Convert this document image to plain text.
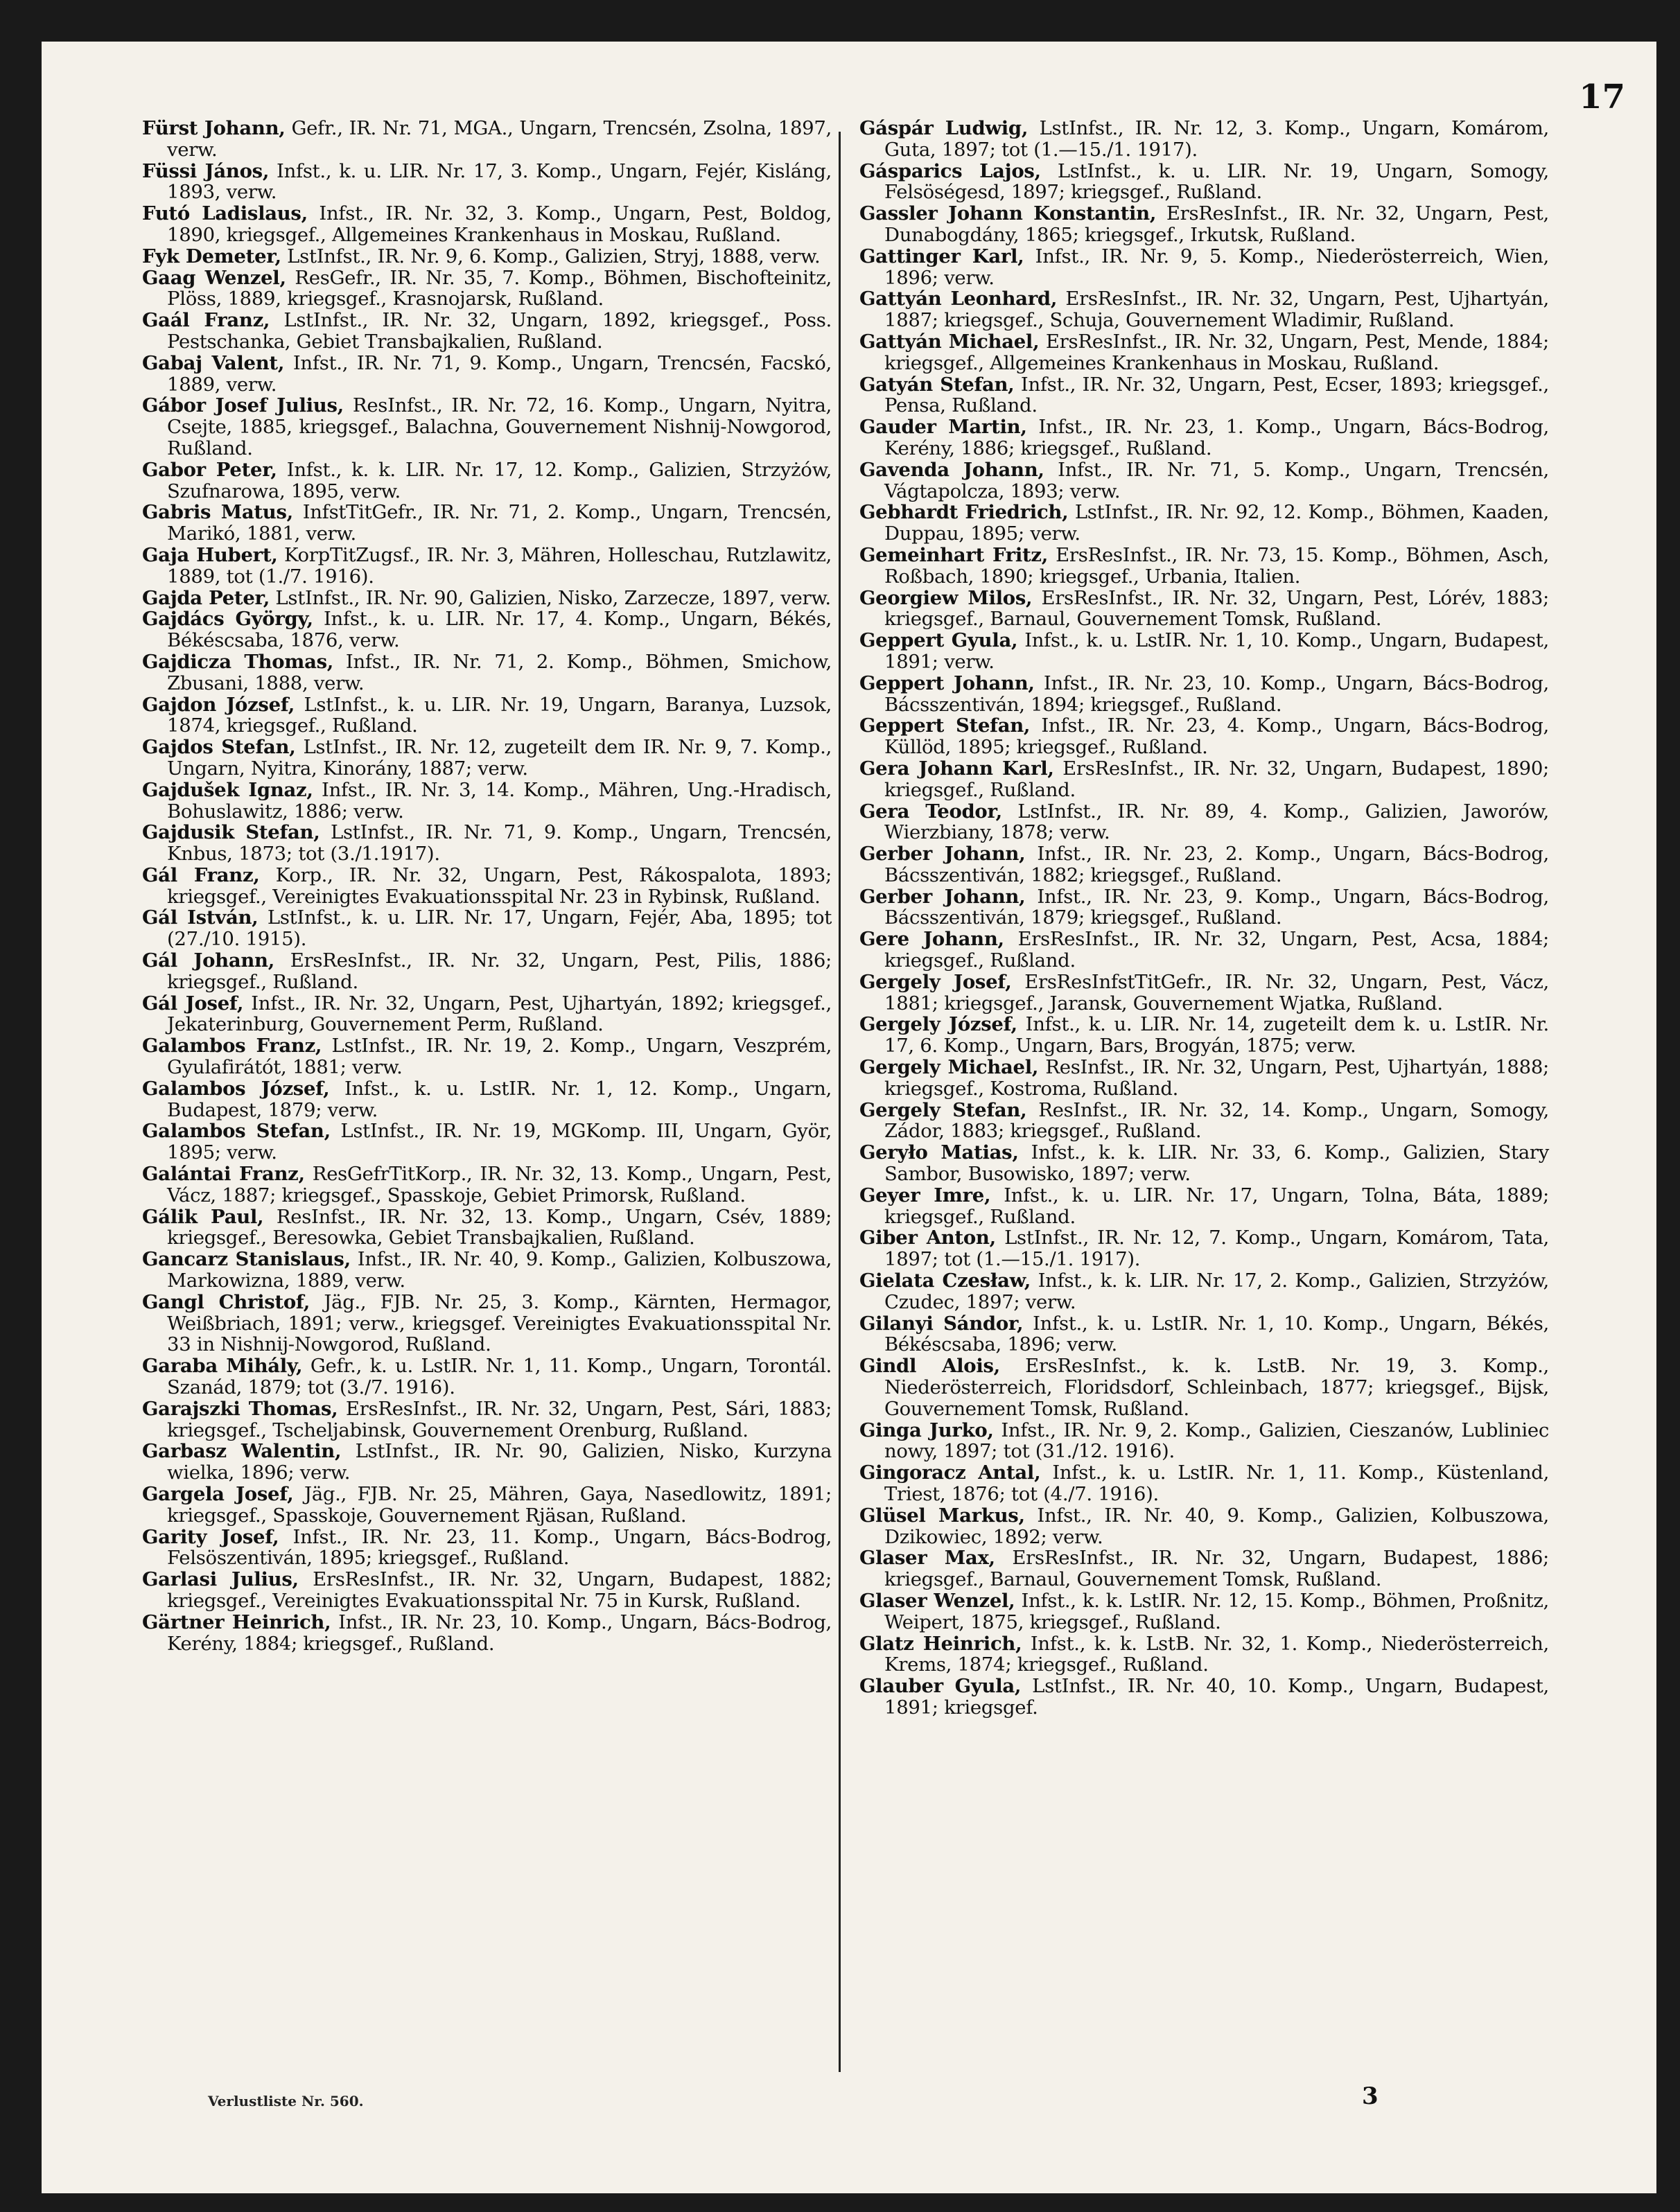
17

Fürst Johann, Gefr., IR. Nr. 71, MGA., Ungarn, Trencsén, Zsolna, 1897, verw.

Füssi János, Infst., k. u. LIR. Nr. 17, 3. Komp., Ungarn, Fejér, Kisláng, 1893, verw.

Futó Ladislaus, Infst., IR. Nr. 32, 3. Komp., Ungarn, Pest, Boldog, 1890, kriegsgef., Allgemeines Krankenhaus in Moskau, Rußland.

Fyk Demeter, LstInfst., IR. Nr. 9, 6. Komp., Galizien, Stryj, 1888, verw.

Gaag Wenzel, ResGefr., IR. Nr. 35, 7. Komp., Böhmen, Bischofteinitz, Plöss, 1889, kriegsgef., Krasnojarsk, Rußland.

Gaál Franz, LstInfst., IR. Nr. 32, Ungarn, 1892, kriegsgef., Poss. Pestschanka, Gebiet Transbajkalien, Rußland.

Gabaj Valent, Infst., IR. Nr. 71, 9. Komp., Ungarn, Trencsén, Facskó, 1889, verw.

Gábor Josef Julius, ResInfst., IR. Nr. 72, 16. Komp., Ungarn, Nyitra, Csejte, 1885, kriegsgef., Balachna, Gouvernement Nishnij-Nowgorod, Rußland.

Gabor Peter, Infst., k. k. LIR. Nr. 17, 12. Komp., Galizien, Strzyżów, Szufnarowa, 1895, verw.

Gabris Matus, InfstTitGefr., IR. Nr. 71, 2. Komp., Ungarn, Trencsén, Marikó, 1881, verw.

Gaja Hubert, KorpTitZugsf., IR. Nr. 3, Mähren, Holleschau, Rutzlawitz, 1889, tot (1./7. 1916).

Gajda Peter, LstInfst., IR. Nr. 90, Galizien, Nisko, Zarzecze, 1897, verw.

Gajdács György, Infst., k. u. LIR. Nr. 17, 4. Komp., Ungarn, Békés, Békéscsaba, 1876, verw.

Gajdicza Thomas, Infst., IR. Nr. 71, 2. Komp., Böhmen, Smichow, Zbusani, 1888, verw.

Gajdon József, LstInfst., k. u. LIR. Nr. 19, Ungarn, Baranya, Luzsok, 1874, kriegsgef., Rußland.

Gajdos Stefan, LstInfst., IR. Nr. 12, zugeteilt dem IR. Nr. 9, 7. Komp., Ungarn, Nyitra, Kinorány, 1887; verw.

Gajdušek Ignaz, Infst., IR. Nr. 3, 14. Komp., Mähren, Ung.-Hradisch, Bohuslawitz, 1886; verw.

Gajdusik Stefan, LstInfst., IR. Nr. 71, 9. Komp., Ungarn, Trencsén, Knbus, 1873; tot (3./1.1917).

Gál Franz, Korp., IR. Nr. 32, Ungarn, Pest, Rákospalota, 1893; kriegsgef., Vereinigtes Evakuationsspital Nr. 23 in Rybinsk, Rußland.

Gál István, LstInfst., k. u. LIR. Nr. 17, Ungarn, Fejér, Aba, 1895; tot (27./10. 1915).

Gál Johann, ErsResInfst., IR. Nr. 32, Ungarn, Pest, Pilis, 1886; kriegsgef., Rußland.

Gál Josef, Infst., IR. Nr. 32, Ungarn, Pest, Ujhartyán, 1892; kriegsgef., Jekaterinburg, Gouvernement Perm, Rußland.

Galambos Franz, LstInfst., IR. Nr. 19, 2. Komp., Ungarn, Veszprém, Gyulafirátót, 1881; verw.

Galambos József, Infst., k. u. LstIR. Nr. 1, 12. Komp., Ungarn, Budapest, 1879; verw.

Galambos Stefan, LstInfst., IR. Nr. 19, MGKomp. III, Ungarn, Györ, 1895; verw.

Galántai Franz, ResGefrTitKorp., IR. Nr. 32, 13. Komp., Ungarn, Pest, Vácz, 1887; kriegsgef., Spasskoje, Gebiet Primorsk, Rußland.

Gálik Paul, ResInfst., IR. Nr. 32, 13. Komp., Ungarn, Csév, 1889; kriegsgef., Beresowka, Gebiet Transbajkalien, Rußland.

Gancarz Stanislaus, Infst., IR. Nr. 40, 9. Komp., Galizien, Kolbuszowa, Markowizna, 1889, verw.

Gangl Christof, Jäg., FJB. Nr. 25, 3. Komp., Kärnten, Hermagor, Weißbriach, 1891; verw., kriegsgef. Vereinigtes Evakuationsspital Nr. 33 in Nishnij-Nowgorod, Rußland.

Garaba Mihály, Gefr., k. u. LstIR. Nr. 1, 11. Komp., Ungarn, Torontál. Szanád, 1879; tot (3./7. 1916).

Garajszki Thomas, ErsResInfst., IR. Nr. 32, Ungarn, Pest, Sári, 1883; kriegsgef., Tscheljabinsk, Gouvernement Orenburg, Rußland.

Garbasz Walentin, LstInfst., IR. Nr. 90, Galizien, Nisko, Kurzyna wielka, 1896; verw.

Gargela Josef, Jäg., FJB. Nr. 25, Mähren, Gaya, Nasedlowitz, 1891; kriegsgef., Spasskoje, Gouvernement Rjäsan, Rußland.

Garity Josef, Infst., IR. Nr. 23, 11. Komp., Ungarn, Bács-Bodrog, Felsöszentiván, 1895; kriegsgef., Rußland.

Garlasi Julius, ErsResInfst., IR. Nr. 32, Ungarn, Budapest, 1882; kriegsgef., Vereinigtes Evakuationsspital Nr. 75 in Kursk, Rußland.

Gärtner Heinrich, Infst., IR. Nr. 23, 10. Komp., Ungarn, Bács-Bodrog, Kerény, 1884; kriegsgef., Rußland.

Gáspár Ludwig, LstInfst., IR. Nr. 12, 3. Komp., Ungarn, Komárom, Guta, 1897; tot (1.—15./1. 1917).

Gásparics Lajos, LstInfst., k. u. LIR. Nr. 19, Ungarn, Somogy, Felsöségesd, 1897; kriegsgef., Rußland.

Gassler Johann Konstantin, ErsResInfst., IR. Nr. 32, Ungarn, Pest, Dunabogdány, 1865; kriegsgef., Irkutsk, Rußland.

Gattinger Karl, Infst., IR. Nr. 9, 5. Komp., Niederösterreich, Wien, 1896; verw.

Gattyán Leonhard, ErsResInfst., IR. Nr. 32, Ungarn, Pest, Ujhartyán, 1887; kriegsgef., Schuja, Gouvernement Wladimir, Rußland.

Gattyán Michael, ErsResInfst., IR. Nr. 32, Ungarn, Pest, Mende, 1884; kriegsgef., Allgemeines Krankenhaus in Moskau, Rußland.

Gatyán Stefan, Infst., IR. Nr. 32, Ungarn, Pest, Ecser, 1893; kriegsgef., Pensa, Rußland.

Gauder Martin, Infst., IR. Nr. 23, 1. Komp., Ungarn, Bács-Bodrog, Kerény, 1886; kriegsgef., Rußland.

Gavenda Johann, Infst., IR. Nr. 71, 5. Komp., Ungarn, Trencsén, Vágtapolcza, 1893; verw.

Gebhardt Friedrich, LstInfst., IR. Nr. 92, 12. Komp., Böhmen, Kaaden, Duppau, 1895; verw.

Gemeinhart Fritz, ErsResInfst., IR. Nr. 73, 15. Komp., Böhmen, Asch, Roßbach, 1890; kriegsgef., Urbania, Italien.

Georgiew Milos, ErsResInfst., IR. Nr. 32, Ungarn, Pest, Lórév, 1883; kriegsgef., Barnaul, Gouvernement Tomsk, Rußland.

Geppert Gyula, Infst., k. u. LstIR. Nr. 1, 10. Komp., Ungarn, Budapest, 1891; verw.

Geppert Johann, Infst., IR. Nr. 23, 10. Komp., Ungarn, Bács-Bodrog, Bácsszentiván, 1894; kriegsgef., Rußland.

Geppert Stefan, Infst., IR. Nr. 23, 4. Komp., Ungarn, Bács-Bodrog, Küllöd, 1895; kriegsgef., Rußland.

Gera Johann Karl, ErsResInfst., IR. Nr. 32, Ungarn, Budapest, 1890; kriegsgef., Rußland.

Gera Teodor, LstInfst., IR. Nr. 89, 4. Komp., Galizien, Jaworów, Wierzbiany, 1878; verw.

Gerber Johann, Infst., IR. Nr. 23, 2. Komp., Ungarn, Bács-Bodrog, Bácsszentiván, 1882; kriegsgef., Rußland.

Gerber Johann, Infst., IR. Nr. 23, 9. Komp., Ungarn, Bács-Bodrog, Bácsszentiván, 1879; kriegsgef., Rußland.

Gere Johann, ErsResInfst., IR. Nr. 32, Ungarn, Pest, Acsa, 1884; kriegsgef., Rußland.

Gergely Josef, ErsResInfstTitGefr., IR. Nr. 32, Ungarn, Pest, Vácz, 1881; kriegsgef., Jaransk, Gouvernement Wjatka, Rußland.

Gergely József, Infst., k. u. LIR. Nr. 14, zugeteilt dem k. u. LstIR. Nr. 17, 6. Komp., Ungarn, Bars, Brogyán, 1875; verw.

Gergely Michael, ResInfst., IR. Nr. 32, Ungarn, Pest, Ujhartyán, 1888; kriegsgef., Kostroma, Rußland.

Gergely Stefan, ResInfst., IR. Nr. 32, 14. Komp., Ungarn, Somogy, Zádor, 1883; kriegsgef., Rußland.

Geryło Matias, Infst., k. k. LIR. Nr. 33, 6. Komp., Galizien, Stary Sambor, Busowisko, 1897; verw.

Geyer Imre, Infst., k. u. LIR. Nr. 17, Ungarn, Tolna, Báta, 1889; kriegsgef., Rußland.

Giber Anton, LstInfst., IR. Nr. 12, 7. Komp., Ungarn, Komárom, Tata, 1897; tot (1.—15./1. 1917).

Gielata Czesław, Infst., k. k. LIR. Nr. 17, 2. Komp., Galizien, Strzyżów, Czudec, 1897; verw.

Gilanyi Sándor, Infst., k. u. LstIR. Nr. 1, 10. Komp., Ungarn, Békés, Békéscsaba, 1896; verw.

Gindl Alois, ErsResInfst., k. k. LstB. Nr. 19, 3. Komp., Niederösterreich, Floridsdorf, Schleinbach, 1877; kriegsgef., Bijsk, Gouvernement Tomsk, Rußland.

Ginga Jurko, Infst., IR. Nr. 9, 2. Komp., Galizien, Cieszanów, Lubliniec nowy, 1897; tot (31./12. 1916).

Gingoracz Antal, Infst., k. u. LstIR. Nr. 1, 11. Komp., Küstenland, Triest, 1876; tot (4./7. 1916).

Glüsel Markus, Infst., IR. Nr. 40, 9. Komp., Galizien, Kolbuszowa, Dzikowiec, 1892; verw.

Glaser Max, ErsResInfst., IR. Nr. 32, Ungarn, Budapest, 1886; kriegsgef., Barnaul, Gouvernement Tomsk, Rußland.

Glaser Wenzel, Infst., k. k. LstIR. Nr. 12, 15. Komp., Böhmen, Proßnitz, Weipert, 1875, kriegsgef., Rußland.

Glatz Heinrich, Infst., k. k. LstB. Nr. 32, 1. Komp., Niederösterreich, Krems, 1874; kriegsgef., Rußland.

Glauber Gyula, LstInfst., IR. Nr. 40, 10. Komp., Ungarn, Budapest, 1891; kriegsgef.

Verlustliste Nr. 560.	3
